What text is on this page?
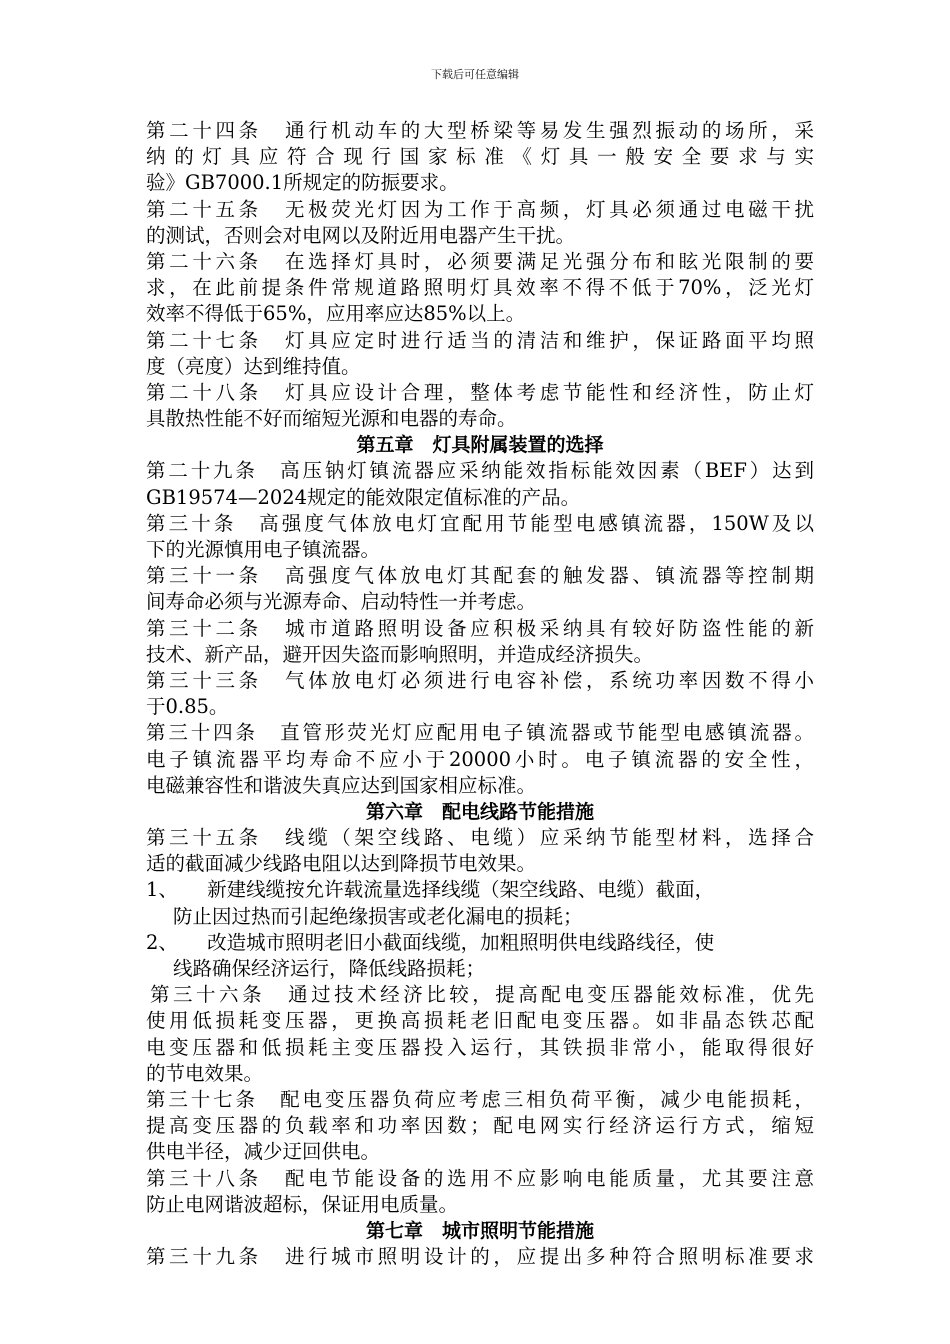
下载后可任意编辑
第二十四条　通行机动车的大型桥梁等易发生强烈振动的场所，采
纳的灯具应符合现行国家标准《灯具一般安全要求与实
验》GB7000.1所规定的防振要求。
第二十五条　无极荧光灯因为工作于高频，灯具必须通过电磁干扰
的测试，否则会对电网以及附近用电器产生干扰。
第二十六条　在选择灯具时，必须要满足光强分布和眩光限制的要
求，在此前提条件常规道路照明灯具效率不得不低于70%，泛光灯
效率不得低于65%，应用率应达85%以上。
第二十七条　灯具应定时进行适当的清洁和维护，保证路面平均照
度（亮度）达到维持值。
第二十八条　灯具应设计合理，整体考虑节能性和经济性，防止灯
具散热性能不好而缩短光源和电器的寿命。
第五章　灯具附属装置的选择
第二十九条　高压钠灯镇流器应采纳能效指标能效因素（BEF）达到
GB19574—2024规定的能效限定值标准的产品。
第三十条　高强度气体放电灯宜配用节能型电感镇流器，150W及以
下的光源慎用电子镇流器。
第三十一条　高强度气体放电灯其配套的触发器、镇流器等控制期
间寿命必须与光源寿命、启动特性一并考虑。
第三十二条　城市道路照明设备应积极采纳具有较好防盗性能的新
技术、新产品，避开因失盗而影响照明，并造成经济损失。
第三十三条　气体放电灯必须进行电容补偿，系统功率因数不得小
于0.85。
第三十四条　直管形荧光灯应配用电子镇流器或节能型电感镇流器。
电子镇流器平均寿命不应小于20000小时。电子镇流器的安全性，
电磁兼容性和谐波失真应达到国家相应标准。
第六章　配电线路节能措施
第三十五条　线缆（架空线路、电缆）应采纳节能型材料，选择合
适的截面减少线路电阻以达到降损节电效果。
1、　　新建线缆按允许载流量选择线缆（架空线路、电缆）截面，
防止因过热而引起绝缘损害或老化漏电的损耗；
2、　　改造城市照明老旧小截面线缆，加粗照明供电线路线径，使
线路确保经济运行，降低线路损耗；
第三十六条　通过技术经济比较，提高配电变压器能效标准，优先
使用低损耗变压器，更换高损耗老旧配电变压器。如非晶态铁芯配
电变压器和低损耗主变压器投入运行，其铁损非常小，能取得很好
的节电效果。
第三十七条　配电变压器负荷应考虑三相负荷平衡，减少电能损耗，
提高变压器的负载率和功率因数；配电网实行经济运行方式，缩短
供电半径，减少迂回供电。
第三十八条　配电节能设备的选用不应影响电能质量，尤其要注意
防止电网谐波超标，保证用电质量。
第七章　城市照明节能措施
第三十九条　进行城市照明设计的，应提出多种符合照明标准要求
